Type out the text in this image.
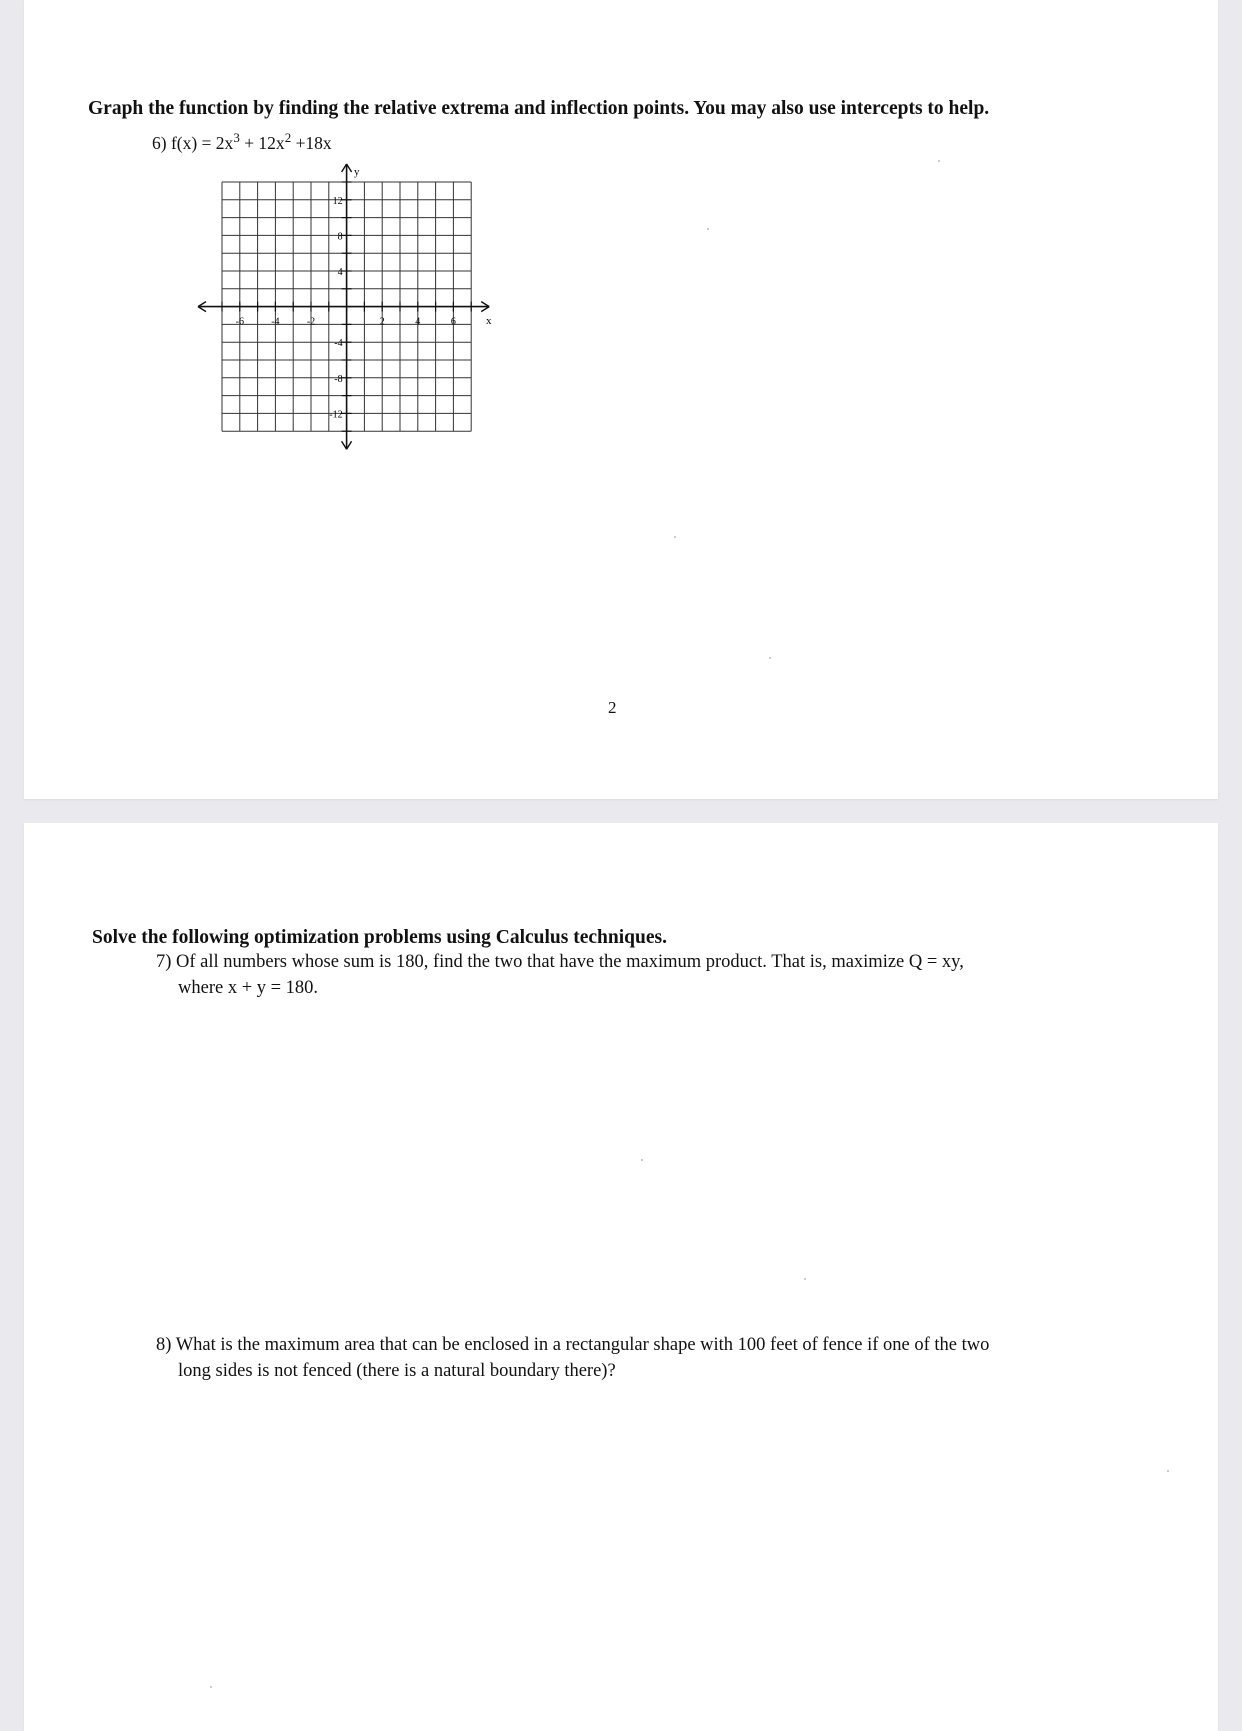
Graph the function by finding the relative extrema and inflection points. You may also use intercepts to help.
6) $f(x) = 2x^3 + 12x^2 +18x$
-6	-4	-2	2	4	6
12
8
4
-4
-8
-12
y
x
2
Solve the following optimization problems using Calculus techniques.
7) Of all numbers whose sum is 180, find the two that have the maximum product. That is, maximize Q = xy,
where x + y = 180.
8) What is the maximum area that can be enclosed in a rectangular shape with 100 feet of fence if one of the two
long sides is not fenced (there is a natural boundary there)?
